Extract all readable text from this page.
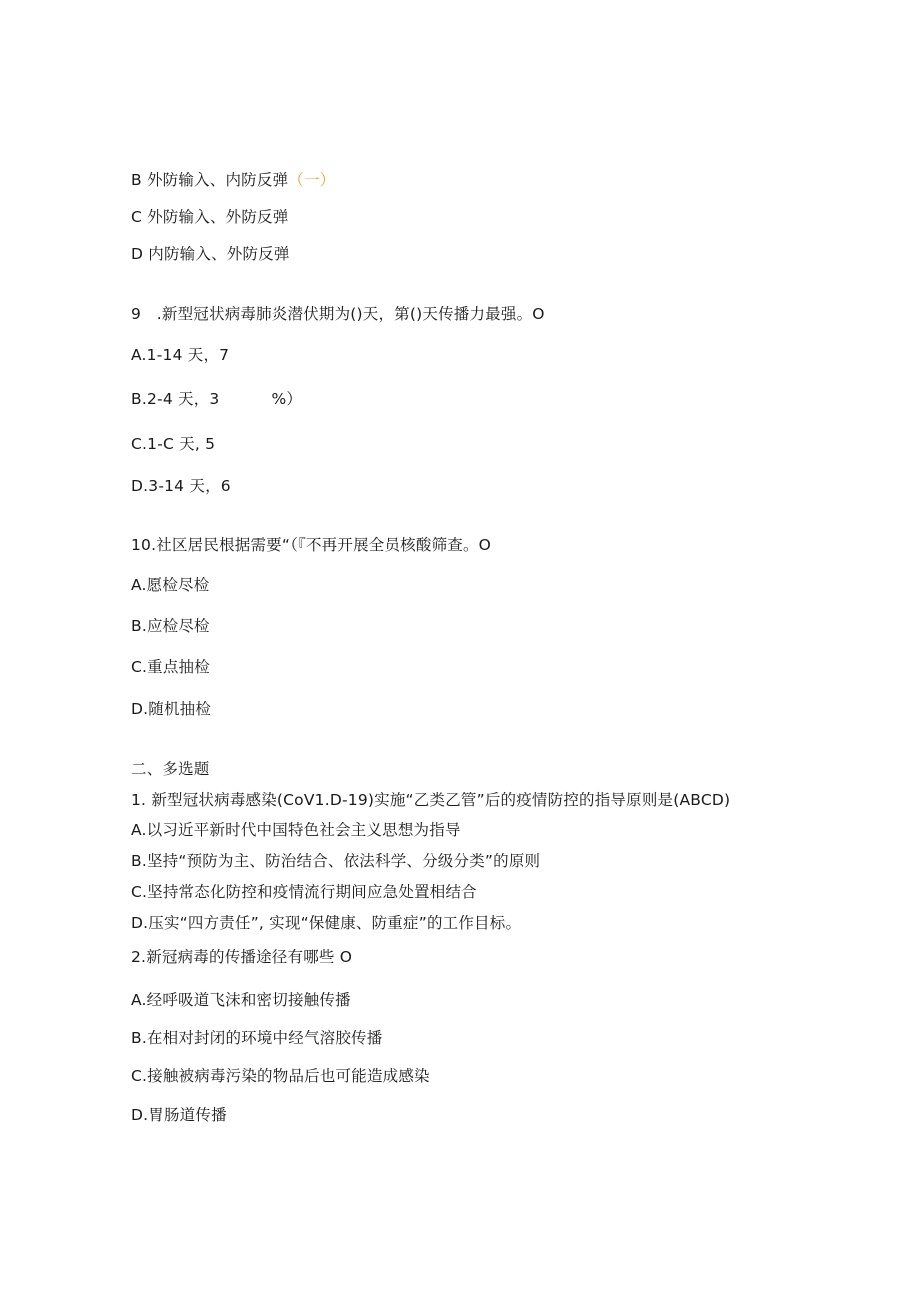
B 外防输入、内防反弹（一）
C 外防输入、外防反弹
D 内防输入、外防反弹
9　.新型冠状病毒肺炎潜伏期为()天，第()天传播力最强。O
A.1-14 天，7
B.2-4 天，3	%）
C.1-C 天, 5
D.3-14 天，6
10.社区居民根据需要“（『不再开展全员核酸筛查。O
A.愿检尽检
B.应检尽检
C.重点抽检
D.随机抽检
二、多选题
1. 新型冠状病毒感染(CoV1.D-19)实施“乙类乙管”后的疫情防控的指导原则是(ABCD)
A.以习近平新时代中国特色社会主义思想为指导
B.坚持“预防为主、防治结合、依法科学、分级分类”的原则
C.坚持常态化防控和疫情流行期间应急处置相结合
D.压实“四方责任”, 实现“保健康、防重症”的工作目标。
2.新冠病毒的传播途径有哪些 O
A.经呼吸道飞沫和密切接触传播
B.在相对封闭的环境中经气溶胶传播
C.接触被病毒污染的物品后也可能造成感染
D.胃肠道传播
